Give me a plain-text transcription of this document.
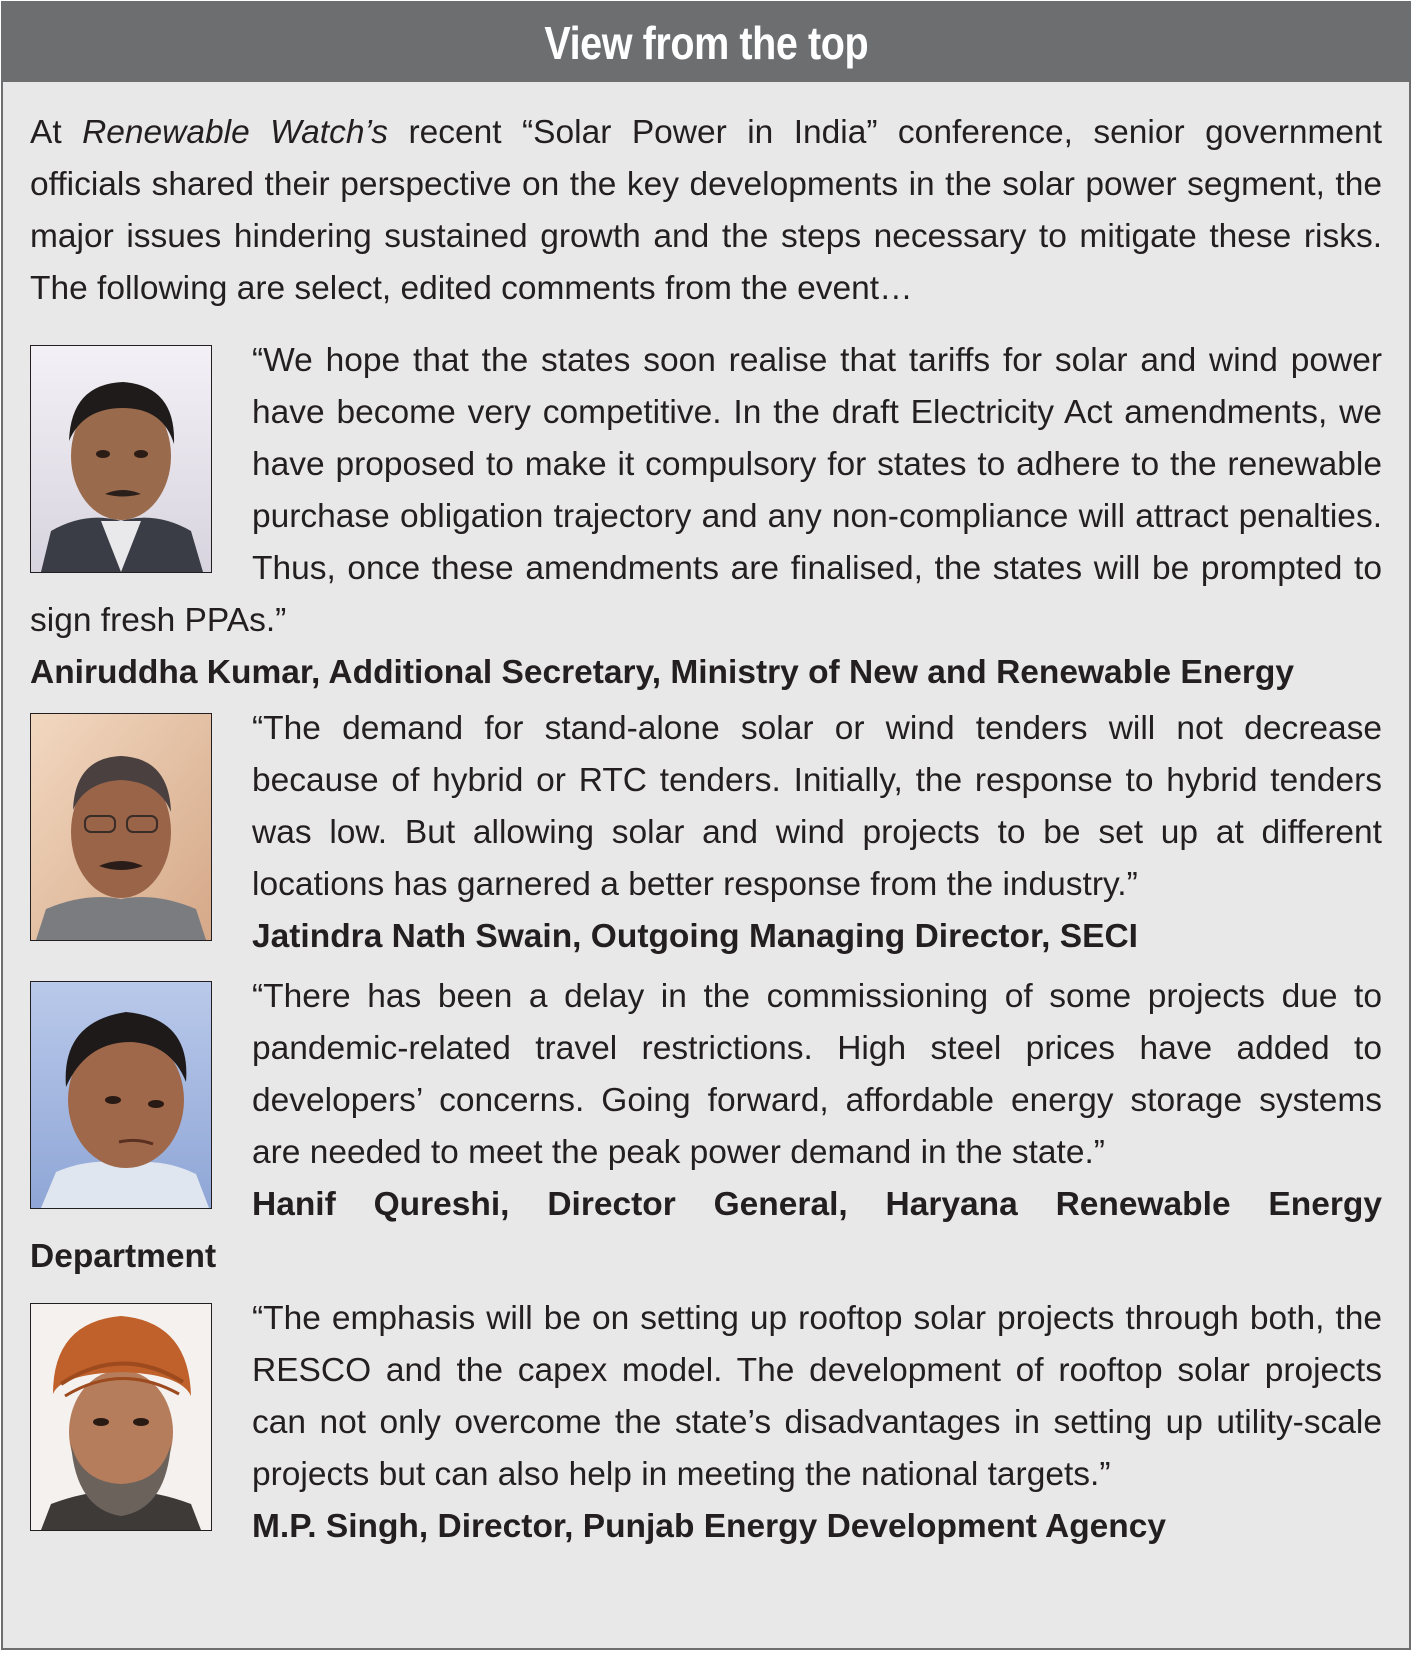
View from the top

At Renewable Watch’s recent “Solar Power in India” conference, senior government officials shared their perspective on the key developments in the solar power segment, the major issues hindering sustained growth and the steps necessary to mitigate these risks. The following are select, edited comments from the event…

“We hope that the states soon realise that tariffs for solar and wind power have become very competitive. In the draft Electricity Act amendments, we have proposed to make it compulsory for states to adhere to the renewable purchase obligation trajectory and any non-compliance will attract penalties. Thus, once these amendments are finalised, the states will be prompted to sign fresh PPAs.”

Aniruddha Kumar, Additional Secretary, Ministry of New and Renewable Energy

“The demand for stand-alone solar or wind tenders will not decrease because of hybrid or RTC tenders. Initially, the response to hybrid tenders was low. But allowing solar and wind projects to be set up at different locations has garnered a better response from the industry.”

Jatindra Nath Swain, Outgoing Managing Director, SECI

“There has been a delay in the commissioning of some projects due to pandemic-related travel restrictions. High steel prices have added to developers’ concerns. Going forward, affordable energy storage systems are needed to meet the peak power demand in the state.”

Hanif Qureshi, Director General, Haryana Renewable Energy Department

“The emphasis will be on setting up rooftop solar projects through both, the RESCO and the capex model. The development of rooftop solar projects can not only overcome the state’s disadvantages in setting up utility-scale projects but can also help in meeting the national targets.”

M.P. Singh, Director, Punjab Energy Development Agency
